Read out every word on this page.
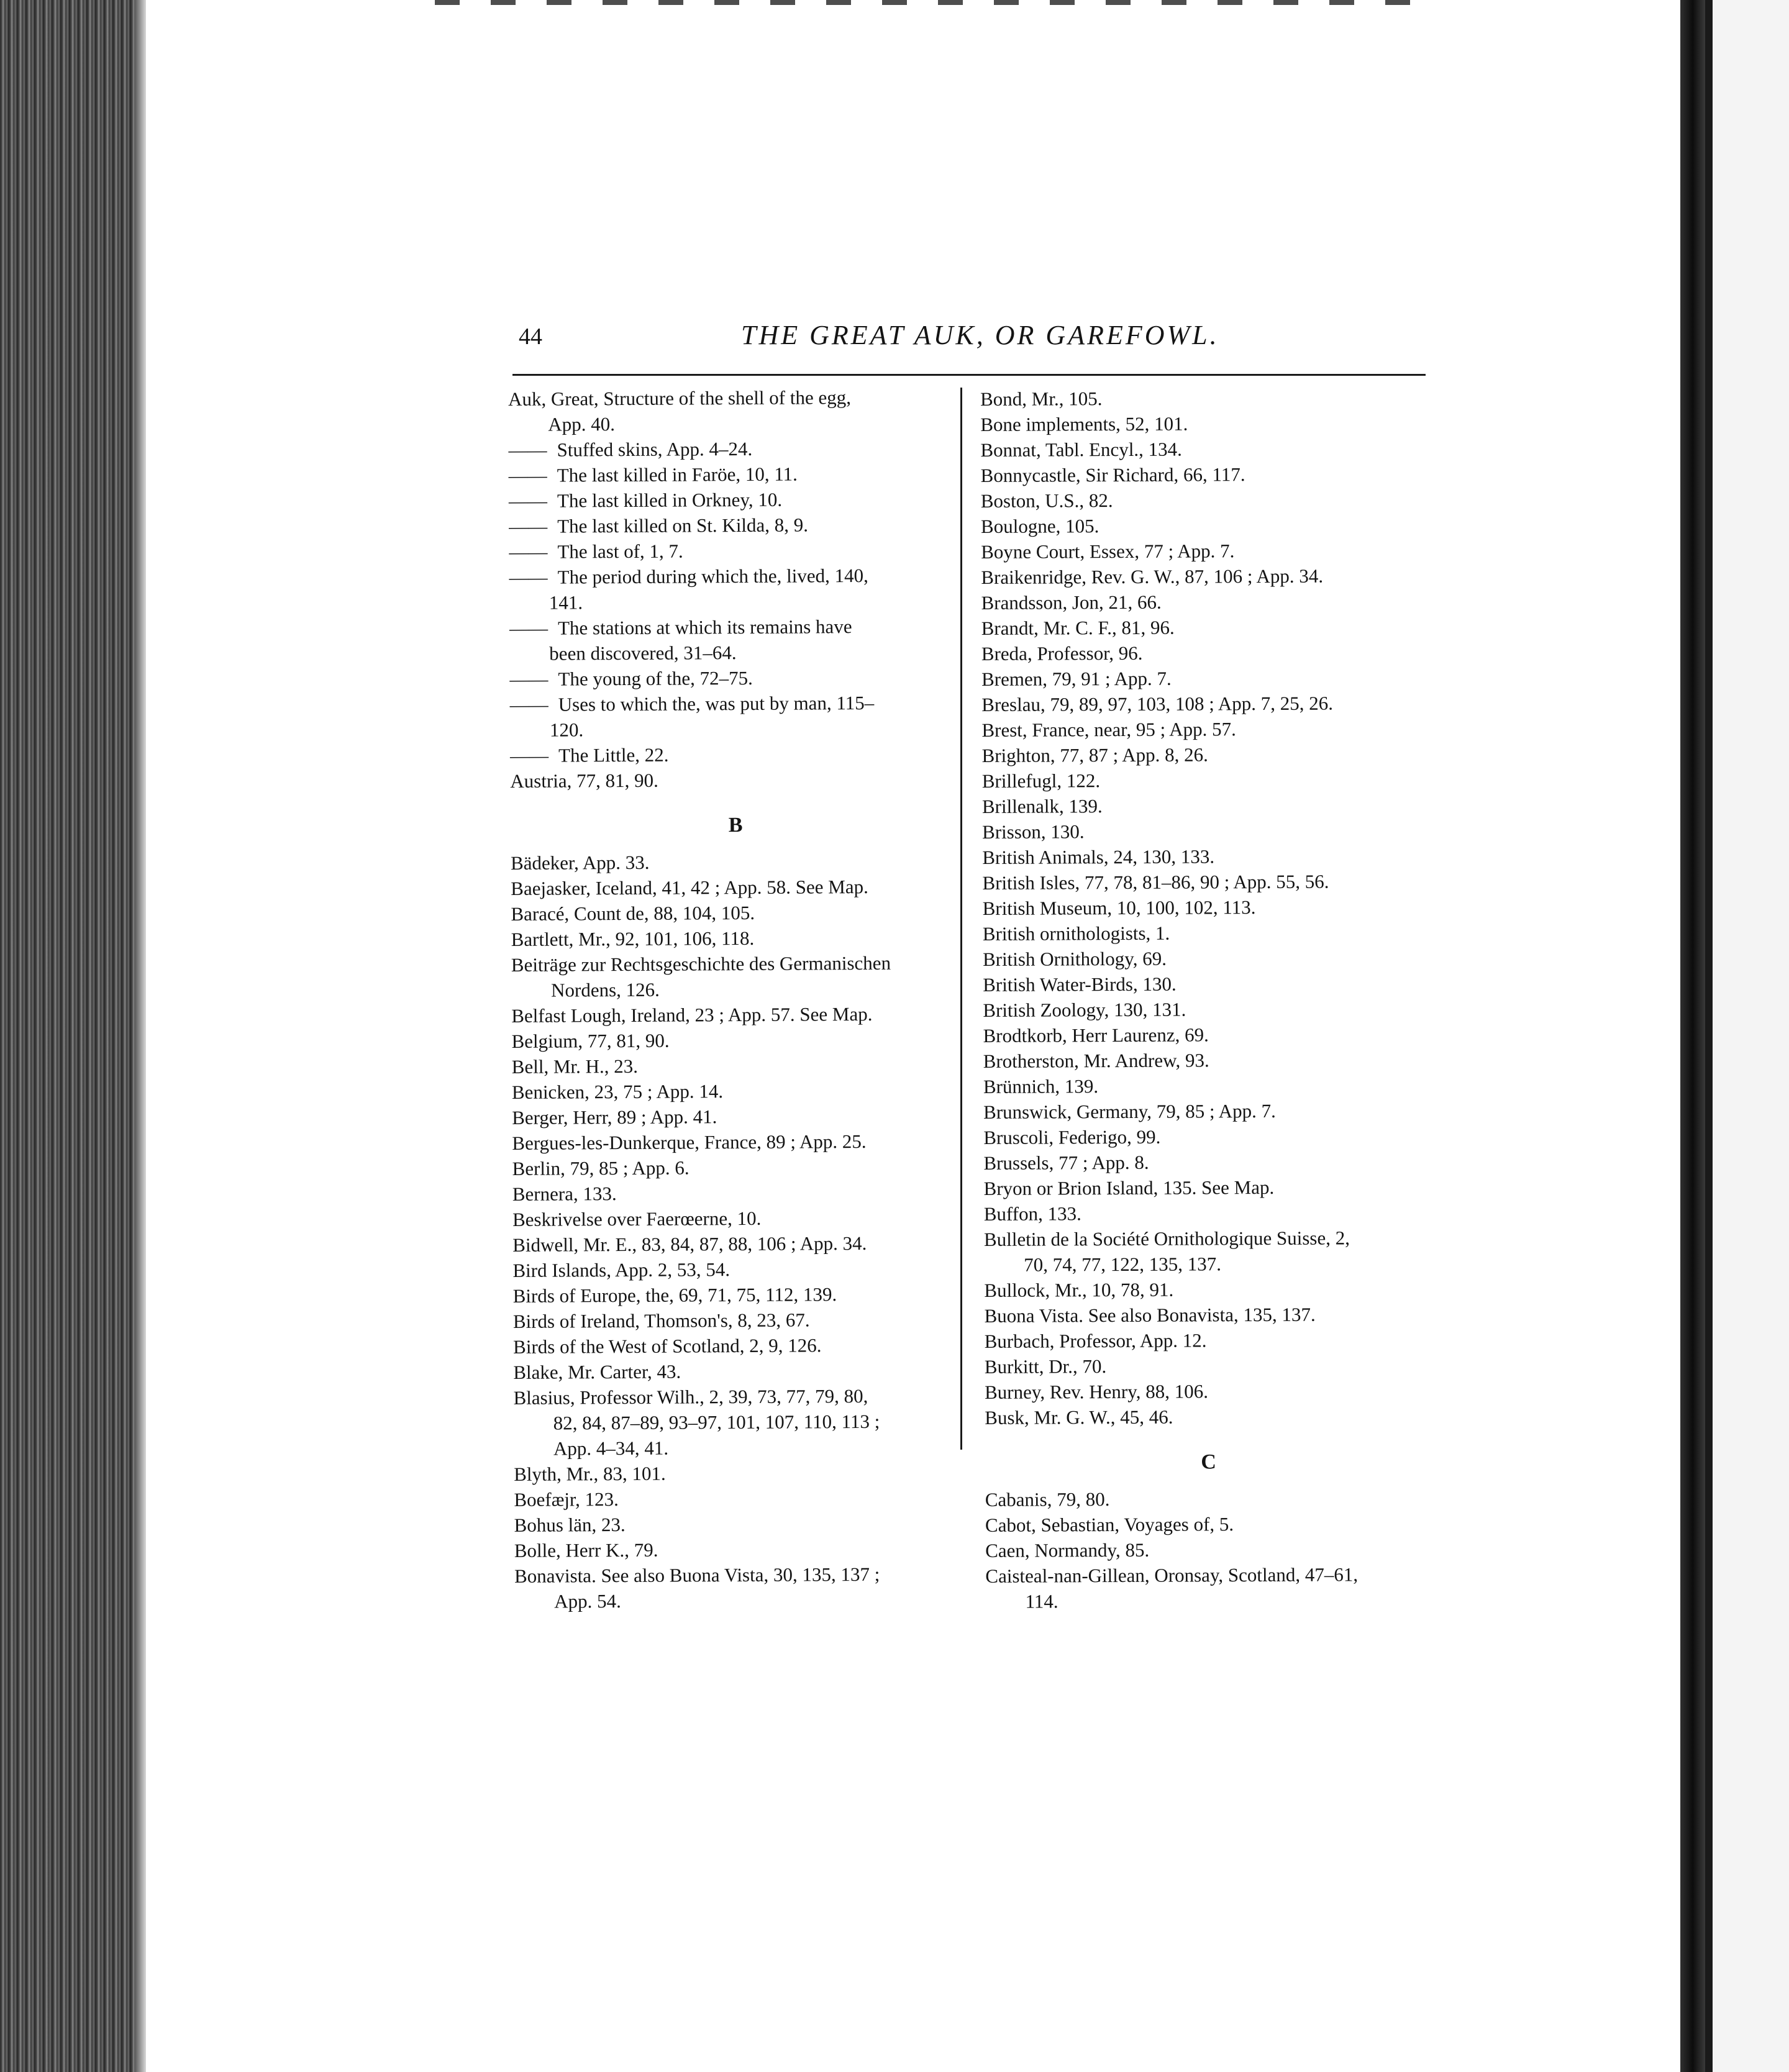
44	THE GREAT AUK, OR GAREFOWL.
Auk, Great, Structure of the shell of the egg,
App. 40.
—— Stuffed skins, App. 4–24.
—— The last killed in Faröe, 10, 11.
—— The last killed in Orkney, 10.
—— The last killed on St. Kilda, 8, 9.
—— The last of, 1, 7.
—— The period during which the, lived, 140,
141.
—— The stations at which its remains have
been discovered, 31–64.
—— The young of the, 72–75.
—— Uses to which the, was put by man, 115–
120.
—— The Little, 22.
Austria, 77, 81, 90.
B
Bädeker, App. 33.
Baejasker, Iceland, 41, 42 ; App. 58. See Map.
Baracé, Count de, 88, 104, 105.
Bartlett, Mr., 92, 101, 106, 118.
Beiträge zur Rechtsgeschichte des Germanischen
Nordens, 126.
Belfast Lough, Ireland, 23 ; App. 57. See Map.
Belgium, 77, 81, 90.
Bell, Mr. H., 23.
Benicken, 23, 75 ; App. 14.
Berger, Herr, 89 ; App. 41.
Bergues-les-Dunkerque, France, 89 ; App. 25.
Berlin, 79, 85 ; App. 6.
Bernera, 133.
Beskrivelse over Faerœerne, 10.
Bidwell, Mr. E., 83, 84, 87, 88, 106 ; App. 34.
Bird Islands, App. 2, 53, 54.
Birds of Europe, the, 69, 71, 75, 112, 139.
Birds of Ireland, Thomson's, 8, 23, 67.
Birds of the West of Scotland, 2, 9, 126.
Blake, Mr. Carter, 43.
Blasius, Professor Wilh., 2, 39, 73, 77, 79, 80,
82, 84, 87–89, 93–97, 101, 107, 110, 113 ;
App. 4–34, 41.
Blyth, Mr., 83, 101.
Boefæjr, 123.
Bohus län, 23.
Bolle, Herr K., 79.
Bonavista. See also Buona Vista, 30, 135, 137 ;
App. 54.
Bond, Mr., 105.
Bone implements, 52, 101.
Bonnat, Tabl. Encyl., 134.
Bonnycastle, Sir Richard, 66, 117.
Boston, U.S., 82.
Boulogne, 105.
Boyne Court, Essex, 77 ; App. 7.
Braikenridge, Rev. G. W., 87, 106 ; App. 34.
Brandsson, Jon, 21, 66.
Brandt, Mr. C. F., 81, 96.
Breda, Professor, 96.
Bremen, 79, 91 ; App. 7.
Breslau, 79, 89, 97, 103, 108 ; App. 7, 25, 26.
Brest, France, near, 95 ; App. 57.
Brighton, 77, 87 ; App. 8, 26.
Brillefugl, 122.
Brillenalk, 139.
Brisson, 130.
British Animals, 24, 130, 133.
British Isles, 77, 78, 81–86, 90 ; App. 55, 56.
British Museum, 10, 100, 102, 113.
British ornithologists, 1.
British Ornithology, 69.
British Water-Birds, 130.
British Zoology, 130, 131.
Brodtkorb, Herr Laurenz, 69.
Brotherston, Mr. Andrew, 93.
Brünnich, 139.
Brunswick, Germany, 79, 85 ; App. 7.
Bruscoli, Federigo, 99.
Brussels, 77 ; App. 8.
Bryon or Brion Island, 135. See Map.
Buffon, 133.
Bulletin de la Société Ornithologique Suisse, 2,
70, 74, 77, 122, 135, 137.
Bullock, Mr., 10, 78, 91.
Buona Vista. See also Bonavista, 135, 137.
Burbach, Professor, App. 12.
Burkitt, Dr., 70.
Burney, Rev. Henry, 88, 106.
Busk, Mr. G. W., 45, 46.
C
Cabanis, 79, 80.
Cabot, Sebastian, Voyages of, 5.
Caen, Normandy, 85.
Caisteal-nan-Gillean, Oronsay, Scotland, 47–61,
114.
